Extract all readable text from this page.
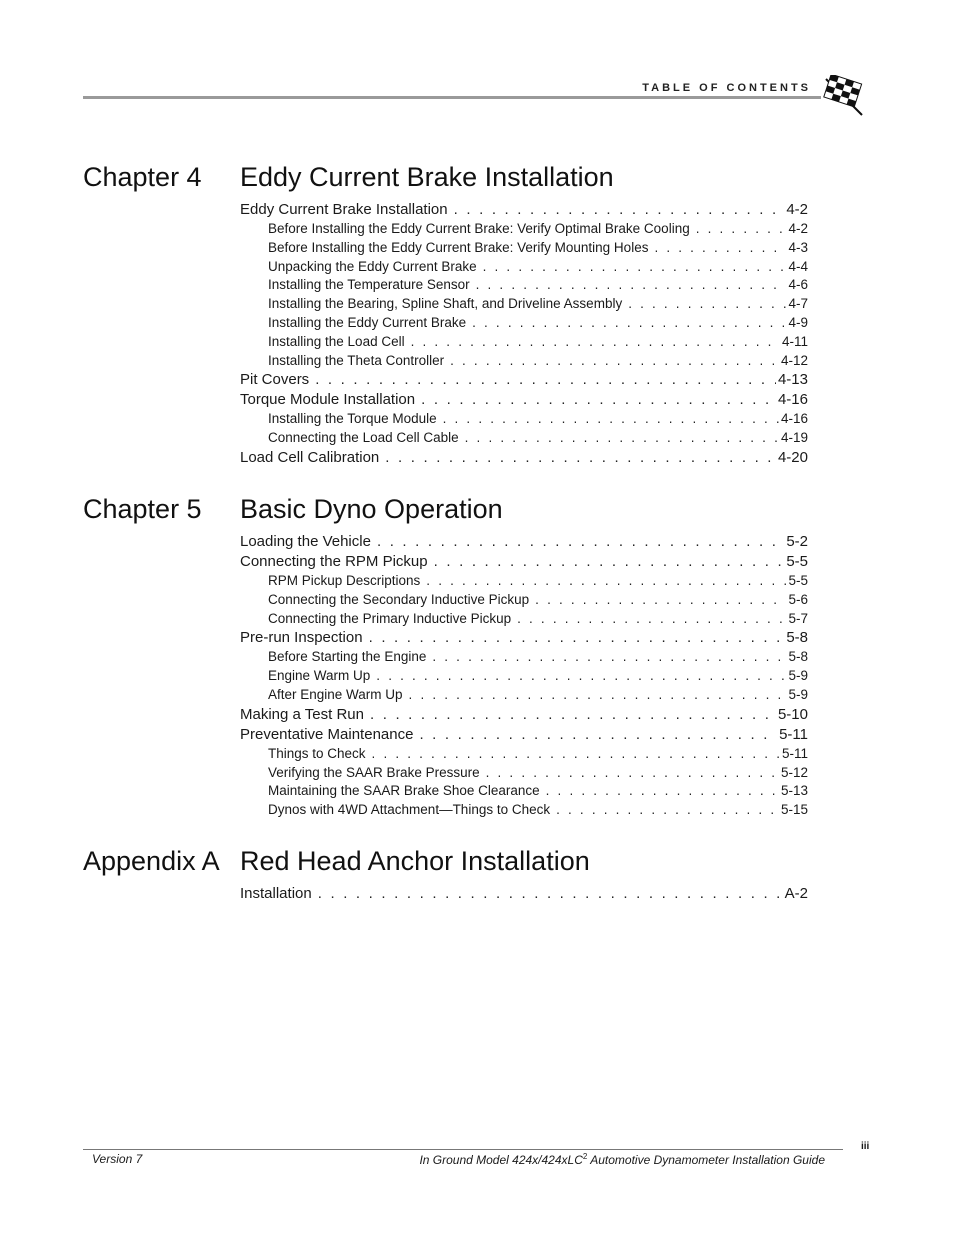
TABLE OF CONTENTS
Chapter 4 Eddy Current Brake Installation
Eddy Current Brake Installation . . .	4-2
Before Installing the Eddy Current Brake: Verify Optimal Brake Cooling . . .	4-2
Before Installing the Eddy Current Brake: Verify Mounting Holes . . .	4-3
Unpacking the Eddy Current Brake . . .	4-4
Installing the Temperature Sensor . . .	4-6
Installing the Bearing, Spline Shaft, and Driveline Assembly . . .	4-7
Installing the Eddy Current Brake . . .	4-9
Installing the Load Cell . . .	4-11
Installing the Theta Controller . . .	4-12
Pit Covers . . .	4-13
Torque Module Installation . . .	4-16
Installing the Torque Module . . .	4-16
Connecting the Load Cell Cable . . .	4-19
Load Cell Calibration . . .	4-20
Chapter 5 Basic Dyno Operation
Loading the Vehicle . . .	5-2
Connecting the RPM Pickup . . .	5-5
RPM Pickup Descriptions . . .	5-5
Connecting the Secondary Inductive Pickup . . .	5-6
Connecting the Primary Inductive Pickup . . .	5-7
Pre-run Inspection . . .	5-8
Before Starting the Engine . . .	5-8
Engine Warm Up . . .	5-9
After Engine Warm Up . . .	5-9
Making a Test Run . . .	5-10
Preventative Maintenance . . .	5-11
Things to Check . . .	5-11
Verifying the SAAR Brake Pressure . . .	5-12
Maintaining the SAAR Brake Shoe Clearance . . .	5-13
Dynos with 4WD Attachment—Things to Check . . .	5-15
Appendix A Red Head Anchor Installation
Installation . . .	A-2
iii
Version 7	In Ground Model 424x/424xLC$^2$ Automotive Dynamometer Installation Guide
